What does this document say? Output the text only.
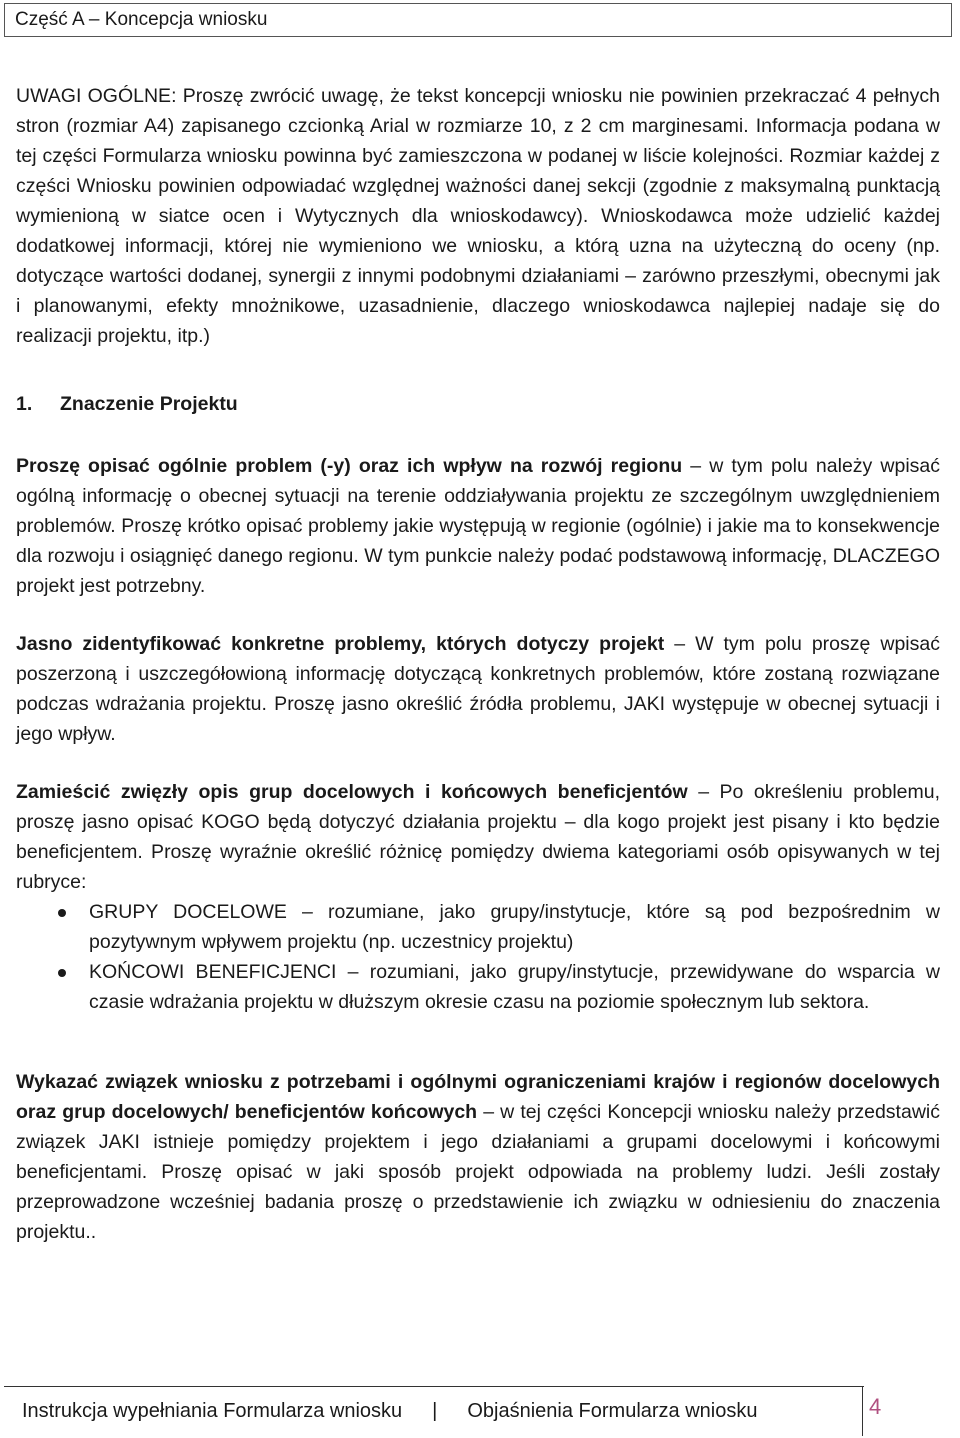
Część A – Koncepcja wniosku

UWAGI OGÓLNE: Proszę zwrócić uwagę, że tekst koncepcji wniosku nie powinien przekraczać 4 pełnych stron (rozmiar A4) zapisanego czcionką Arial w rozmiarze 10, z 2 cm marginesami. Informacja podana w tej części Formularza wniosku powinna być zamieszczona w podanej w liście kolejności. Rozmiar każdej z części Wniosku powinien odpowiadać względnej ważności danej sekcji (zgodnie z maksymalną punktacją wymienioną w siatce ocen i Wytycznych dla wnioskodawcy). Wnioskodawca może udzielić każdej dodatkowej informacji, której nie wymieniono we wniosku, a którą uzna na użyteczną do oceny (np. dotyczące wartości dodanej, synergii z innymi podobnymi działaniami – zarówno przeszłymi, obecnymi jak i planowanymi, efekty mnożnikowe, uzasadnienie, dlaczego wnioskodawca najlepiej nadaje się do realizacji projektu, itp.)

1. Znaczenie Projektu

Proszę opisać ogólnie problem (-y) oraz ich wpływ na rozwój regionu – w tym polu należy wpisać ogólną informację o obecnej sytuacji na terenie oddziaływania projektu ze szczególnym uwzględnieniem problemów. Proszę krótko opisać problemy jakie występują w regionie (ogólnie) i jakie ma to konsekwencje dla rozwoju i osiągnięć danego regionu. W tym punkcie należy podać podstawową informację, DLACZEGO projekt jest potrzebny.

Jasno zidentyfikować konkretne problemy, których dotyczy projekt – W tym polu proszę wpisać poszerzoną i uszczegółowioną informację dotyczącą konkretnych problemów, które zostaną rozwiązane podczas wdrażania projektu. Proszę jasno określić źródła problemu, JAKI występuje w obecnej sytuacji i jego wpływ.

Zamieścić zwięzły opis grup docelowych i końcowych beneficjentów – Po określeniu problemu, proszę jasno opisać KOGO będą dotyczyć działania projektu – dla kogo projekt jest pisany i kto będzie beneficjentem. Proszę wyraźnie określić różnicę pomiędzy dwiema kategoriami osób opisywanych w tej rubryce:

GRUPY DOCELOWE – rozumiane, jako grupy/instytucje, które są pod bezpośrednim w pozytywnym wpływem projektu (np. uczestnicy projektu)
KOŃCOWI BENEFICJENCI – rozumiani, jako grupy/instytucje, przewidywane do wsparcia w czasie wdrażania projektu w dłuższym okresie czasu na poziomie społecznym lub sektora.

Wykazać związek wniosku z potrzebami i ogólnymi ograniczeniami krajów i regionów docelowych oraz grup docelowych/ beneficjentów końcowych – w tej części Koncepcji wniosku należy przedstawić związek JAKI istnieje pomiędzy projektem i jego działaniami a grupami docelowymi i końcowymi beneficjentami. Proszę opisać w jaki sposób projekt odpowiada na problemy ludzi. Jeśli zostały przeprowadzone wcześniej badania proszę o przedstawienie ich związku w odniesieniu do znaczenia projektu..

Instrukcja wypełniania Formularza wniosku | Objaśnienia Formularza wniosku	4
